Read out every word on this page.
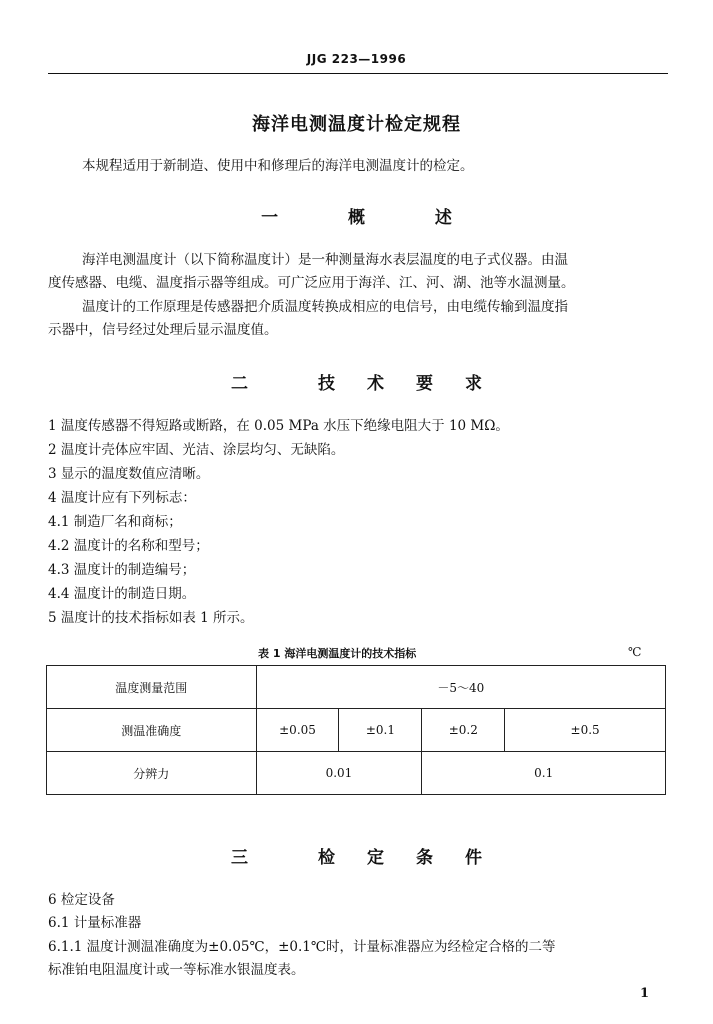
JJG 223—1996
海洋电测温度计检定规程
本规程适用于新制造、使用中和修理后的海洋电测温度计的检定。
一 概 述
海洋电测温度计（以下简称温度计）是一种测量海水表层温度的电子式仪器。由温
度传感器、电缆、温度指示器等组成。可广泛应用于海洋、江、河、湖、池等水温测量。
温度计的工作原理是传感器把介质温度转换成相应的电信号，由电缆传输到温度指
示器中，信号经过处理后显示温度值。
二 技术要求
1 温度传感器不得短路或断路，在 0.05 MPa 水压下绝缘电阻大于 10 MΩ。
2 温度计壳体应牢固、光洁、涂层均匀、无缺陷。
3 显示的温度数值应清晰。
4 温度计应有下列标志：
4.1 制造厂名和商标；
4.2 温度计的名称和型号；
4.3 温度计的制造编号；
4.4 温度计的制造日期。
5 温度计的技术指标如表 1 所示。
表 1 海洋电测温度计的技术指标	℃
温度测量范围	－5～40			
测温准确度	±0.05	±0.1	±0.2	±0.5
分辨力	0.01		0.1	
三 检定条件
6 检定设备
6.1 计量标准器
6.1.1 温度计测温准确度为±0.05℃，±0.1℃时，计量标准器应为经检定合格的二等
标准铂电阻温度计或一等标准水银温度表。
1
